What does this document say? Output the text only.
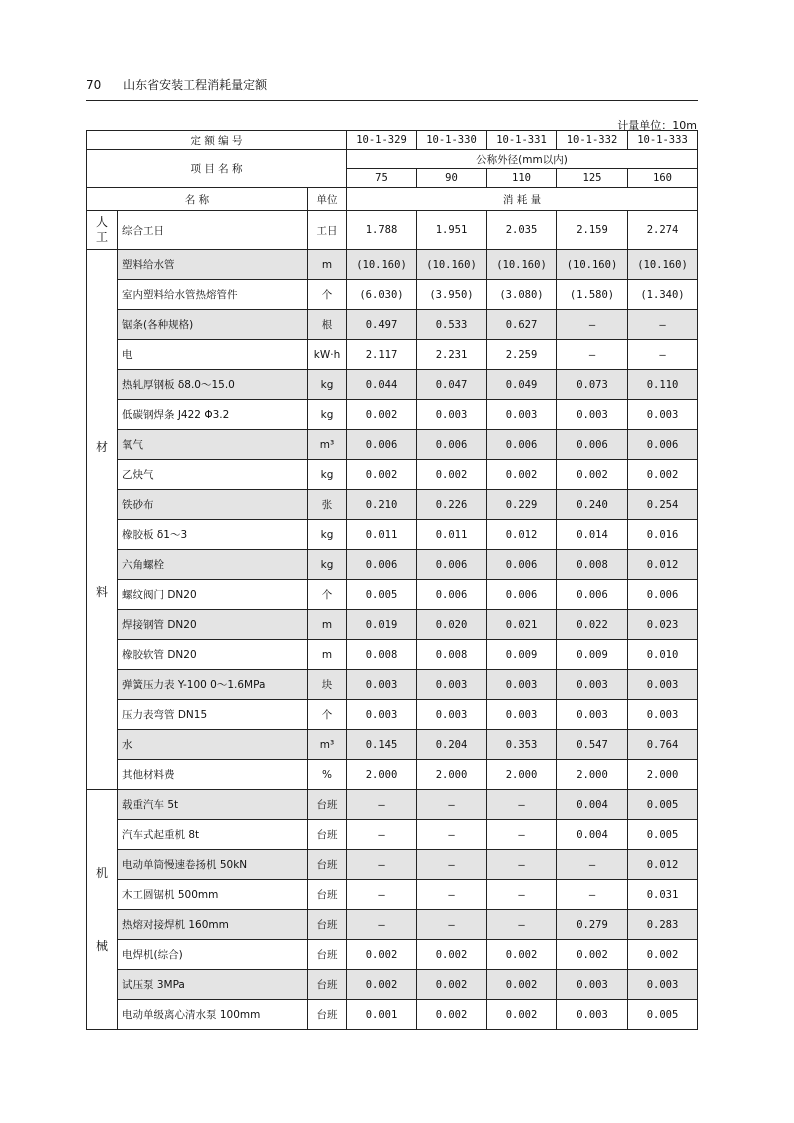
70 山东省安装工程消耗量定额
计量单位：10m
定 额 编 号			10-1-329	10-1-330	10-1-331	10-1-332	10-1-333
项 目 名 称			公称外径(mm以内)				
			75	90	110	125	160
名 称		单位	消 耗 量				

人
工	综合工日	工日	1.788	1.951	2.035	2.159	2.274

材
料	塑料给水管	m	(10.160)	(10.160)	(10.160)	(10.160)	(10.160)
	室内塑料给水管热熔管件	个	(6.030)	(3.950)	(3.080)	(1.580)	(1.340)
	锯条(各种规格)	根	0.497	0.533	0.627	—	—
	电	kW·h	2.117	2.231	2.259	—	—
	热轧厚钢板 δ8.0～15.0	kg	0.044	0.047	0.049	0.073	0.110
	低碳钢焊条 J422 Φ3.2	kg	0.002	0.003	0.003	0.003	0.003
	氧气	m³	0.006	0.006	0.006	0.006	0.006
	乙炔气	kg	0.002	0.002	0.002	0.002	0.002
	铁砂布	张	0.210	0.226	0.229	0.240	0.254
	橡胶板 δ1～3	kg	0.011	0.011	0.012	0.014	0.016
	六角螺栓	kg	0.006	0.006	0.006	0.008	0.012
	螺纹阀门 DN20	个	0.005	0.006	0.006	0.006	0.006
	焊接钢管 DN20	m	0.019	0.020	0.021	0.022	0.023
	橡胶软管 DN20	m	0.008	0.008	0.009	0.009	0.010
	弹簧压力表 Y-100 0～1.6MPa	块	0.003	0.003	0.003	0.003	0.003
	压力表弯管 DN15	个	0.003	0.003	0.003	0.003	0.003
	水	m³	0.145	0.204	0.353	0.547	0.764
	其他材料费	%	2.000	2.000	2.000	2.000	2.000

机
械	载重汽车 5t	台班	—	—	—	0.004	0.005
	汽车式起重机 8t	台班	—	—	—	0.004	0.005
	电动单筒慢速卷扬机 50kN	台班	—	—	—	—	0.012
	木工圆锯机 500mm	台班	—	—	—	—	0.031
	热熔对接焊机 160mm	台班	—	—	—	0.279	0.283
	电焊机(综合)	台班	0.002	0.002	0.002	0.002	0.002
	试压泵 3MPa	台班	0.002	0.002	0.002	0.003	0.003
	电动单级离心清水泵 100mm	台班	0.001	0.002	0.002	0.003	0.005
